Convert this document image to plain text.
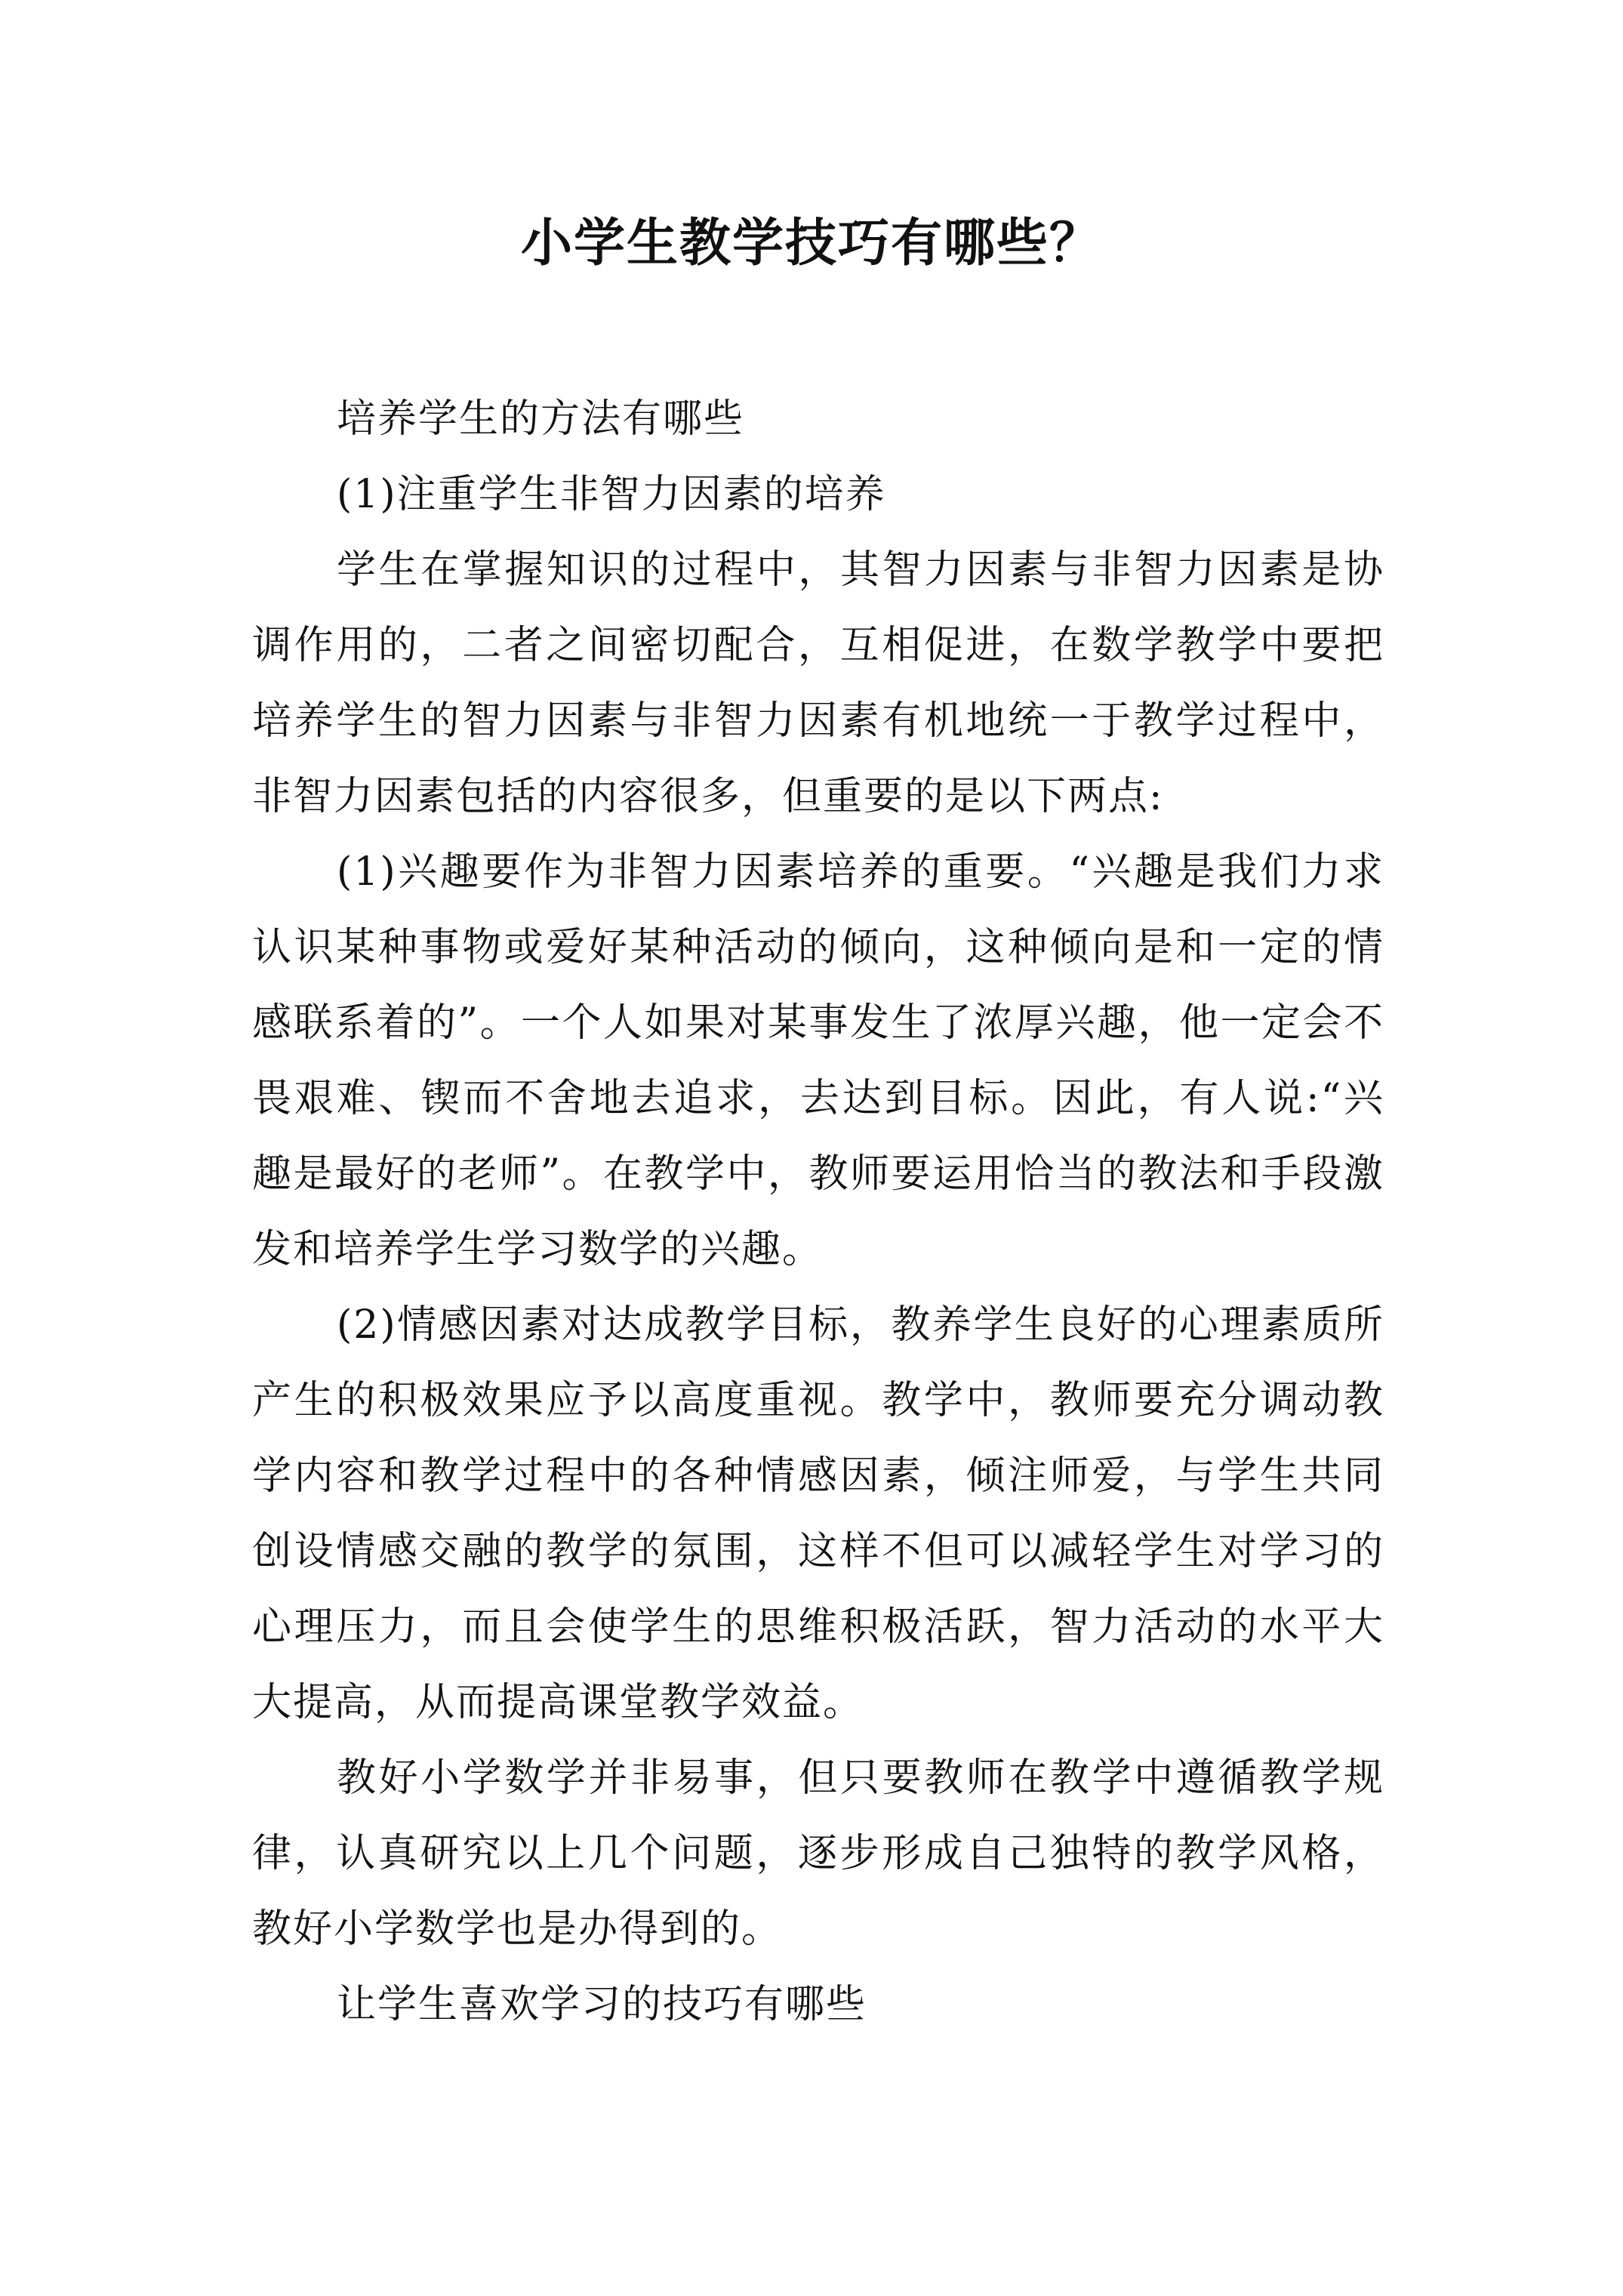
小学生教学技巧有哪些？

培养学生的方法有哪些

(1)注重学生非智力因素的培养

学生在掌握知识的过程中，其智力因素与非智力因素是协调作用的，二者之间密切配合，互相促进，在数学教学中要把培养学生的智力因素与非智力因素有机地统一于教学过程中，非智力因素包括的内容很多，但重要的是以下两点:

(1)兴趣要作为非智力因素培养的重要。“兴趣是我们力求认识某种事物或爱好某种活动的倾向，这种倾向是和一定的情感联系着的”。一个人如果对某事发生了浓厚兴趣，他一定会不畏艰难、锲而不舍地去追求，去达到目标。因此，有人说:“兴趣是最好的老师”。在教学中，教师要运用恰当的教法和手段激发和培养学生学习数学的兴趣。

(2)情感因素对达成教学目标，教养学生良好的心理素质所产生的积极效果应予以高度重视。教学中，教师要充分调动教学内容和教学过程中的各种情感因素，倾注师爱，与学生共同创设情感交融的教学的氛围，这样不但可以减轻学生对学习的心理压力，而且会使学生的思维积极活跃，智力活动的水平大大提高，从而提高课堂教学效益。

教好小学数学并非易事，但只要教师在教学中遵循教学规律，认真研究以上几个问题，逐步形成自己独特的教学风格，教好小学数学也是办得到的。

让学生喜欢学习的技巧有哪些
